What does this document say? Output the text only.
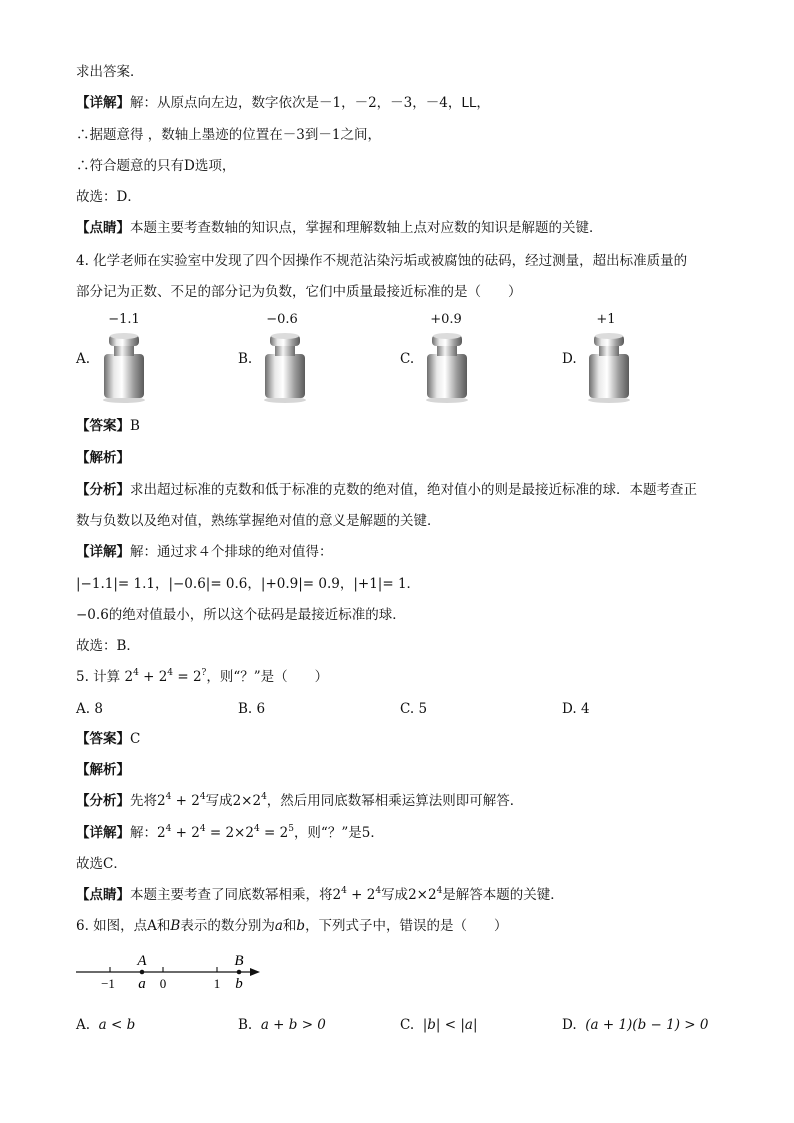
求出答案．
【详解】解：从原点向左边，数字依次是－1，－2，－3，－4，ᒪᒪ，
∴据题意得 ，数轴上墨迹的位置在－3到－1之间，
∴符合题意的只有D选项，
故选：D．
【点睛】本题主要考查数轴的知识点，掌握和理解数轴上点对应数的知识是解题的关键．
4. 化学老师在实验室中发现了四个因操作不规范沾染污垢或被腐蚀的砝码，经过测量，超出标准质量的
部分记为正数、不足的部分记为负数，它们中质量最接近标准的是（　　）
A.
−1.1
B.
−0.6
C.
+0.9
D.
+1
【答案】B
【解析】
【分析】求出超过标准的克数和低于标准的克数的绝对值，绝对值小的则是最接近标准的球．本题考查正
数与负数以及绝对值，熟练掌握绝对值的意义是解题的关键．
【详解】解：通过求４个排球的绝对值得：
|−1.1|= 1.1，|−0.6|= 0.6，|+0.9|= 0.9，|+1|= 1．
−0.6的绝对值最小，所以这个砝码是最接近标准的球．
故选：B．
5. 计算 $2^4 + 2^4 = 2^?$，则“？”是（　　）
A. 8	B. 6	C. 5	D. 4
【答案】C
【解析】
【分析】先将$2^4 + 2^4$写成$2\times 2^4$，然后用同底数幂相乘运算法则即可解答．
【详解】解：$2^4 + 2^4 = 2\times 2^4 = 2^5$，则“？”是5．
故选C．
【点睛】本题主要考查了同底数幂相乘，将$2^4 + 2^4$写成$2\times 2^4$是解答本题的关键．
6. 如图，点A和B表示的数分别为a和b，下列式子中，错误的是（　　）
A	B
−1	0	1
a	b
A. a < b	B. a + b > 0	C. |b| < |a|	D. (a + 1)(b − 1) > 0
